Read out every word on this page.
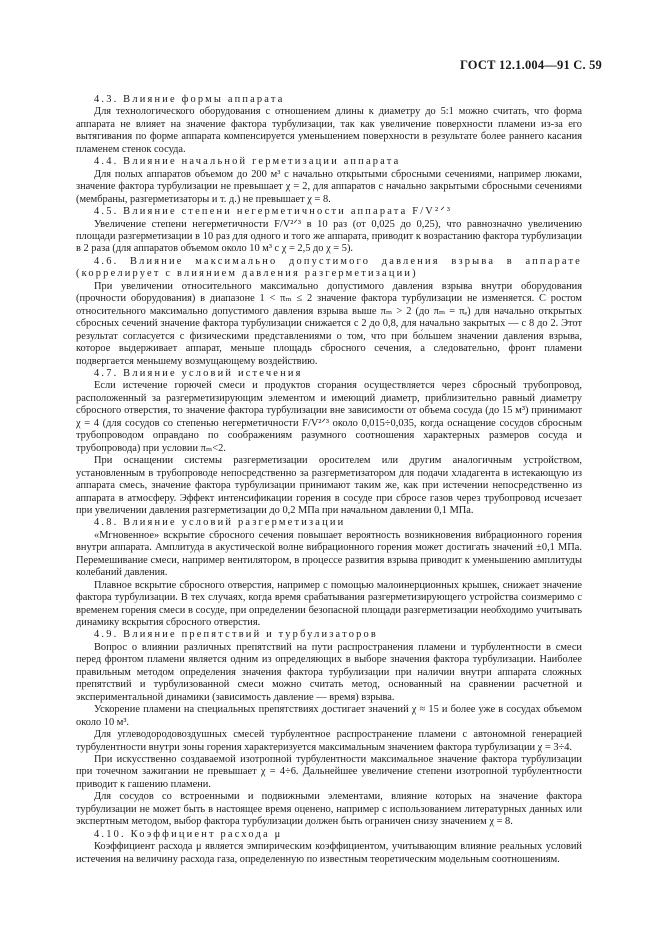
ГОСТ 12.1.004—91 С. 59

4.3. Влияние формы аппарата

Для технологического оборудования с отношением длины к диаметру до 5:1 можно считать, что форма аппарата не влияет на значение фактора турбулизации, так как увеличение поверхности пламени из-за его вытягивания по форме аппарата компенсируется уменьшением поверхности в результате более раннего касания пламенем стенок сосуда.

4.4. Влияние начальной герметизации аппарата

Для полых аппаратов объемом до 200 м³ с начально открытыми сбросными сечениями, например люками, значение фактора турбулизации не превышает χ = 2, для аппаратов с начально закрытыми сбросными сечениями (мембраны, разгерметизаторы и т. д.) не превышает χ = 8.

4.5. Влияние степени негерметичности аппарата F/V²ᐟ³

Увеличение степени негерметичности F/V²ᐟ³ в 10 раз (от 0,025 до 0,25), что равнозначно увеличению площади разгерметизации в 10 раз для одного и того же аппарата, приводит к возрастанию фактора турбулизации в 2 раза (для аппаратов объемом около 10 м³ с χ = 2,5 до χ = 5).

4.6. Влияние максимально допустимого давления взрыва в аппарате (коррелирует с влиянием давления разгерметизации)

При увеличении относительного максимально допустимого давления взрыва внутри оборудования (прочности оборудования) в диапазоне 1 < πₘ ≤ 2 значение фактора турбулизации не изменяется. С ростом относительного максимально допустимого давления взрыва выше πₘ > 2 (до πₘ = πₑ) для начально открытых сбросных сечений значение фактора турбулизации снижается с 2 до 0,8, для начально закрытых — с 8 до 2. Этот результат согласуется с физическими представлениями о том, что при бо́льшем значении давления взрыва, которое выдерживает аппарат, меньше площадь сбросного сечения, а следовательно, фронт пламени подвергается меньшему возмущающему воздействию.

4.7. Влияние условий истечения

Если истечение горючей смеси и продуктов сгорания осуществляется через сбросный трубопровод, расположенный за разгерметизирующим элементом и имеющий диаметр, приблизительно равный диаметру сбросного отверстия, то значение фактора турбулизации вне зависимости от объема сосуда (до 15 м³) принимают χ = 4 (для сосудов со степенью негерметичности F/V²ᐟ³ около 0,015÷0,035, когда оснащение сосудов сбросным трубопроводом оправдано по соображениям разумного соотношения характерных размеров сосуда и трубопровода) при условии πₘ<2.

При оснащении системы разгерметизации оросителем или другим аналогичным устройством, установленным в трубопроводе непосредственно за разгерметизатором для подачи хладагента в истекающую из аппарата смесь, значение фактора турбулизации принимают таким же, как при истечении непосредственно из аппарата в атмосферу. Эффект интенсификации горения в сосуде при сбросе газов через трубопровод исчезает при увеличении давления разгерметизации до 0,2 МПа при начальном давлении 0,1 МПа.

4.8. Влияние условий разгерметизации

«Мгновенное» вскрытие сбросного сечения повышает вероятность возникновения вибрационного горения внутри аппарата. Амплитуда в акустической волне вибрационного горения может достигать значений ±0,1 МПа. Перемешивание смеси, например вентилятором, в процессе развития взрыва приводит к уменьшению амплитуды колебаний давления.

Плавное вскрытие сбросного отверстия, например с помощью малоинерционных крышек, снижает значение фактора турбулизации. В тех случаях, когда время срабатывания разгерметизирующего устройства соизмеримо с временем горения смеси в сосуде, при определении безопасной площади разгерметизации необходимо учитывать динамику вскрытия сбросного отверстия.

4.9. Влияние препятствий и турбулизаторов

Вопрос о влиянии различных препятствий на пути распространения пламени и турбулентности в смеси перед фронтом пламени является одним из определяющих в выборе значения фактора турбулизации. Наиболее правильным методом определения значения фактора турбулизации при наличии внутри аппарата сложных препятствий и турбулизованной смеси можно считать метод, основанный на сравнении расчетной и экспериментальной динамики (зависимость давление — время) взрыва.

Ускорение пламени на специальных препятствиях достигает значений χ ≈ 15 и более уже в сосудах объемом около 10 м³.

Для углеводородовоздушных смесей турбулентное распространение пламени с автономной генерацией турбулентности внутри зоны горения характеризуется максимальным значением фактора турбулизации χ = 3÷4.

При искусственно создаваемой изотропной турбулентности максимальное значение фактора турбулизации при точечном зажигании не превышает χ = 4÷6. Дальнейшее увеличение степени изотропной турбулентности приводит к гашению пламени.

Для сосудов со встроенными и подвижными элементами, влияние которых на значение фактора турбулизации не может быть в настоящее время оценено, например с использованием литературных данных или экспертным методом, выбор фактора турбулизации должен быть ограничен снизу значением χ = 8.

4.10. Коэффициент расхода μ

Коэффициент расхода μ является эмпирическим коэффициентом, учитывающим влияние реальных условий истечения на величину расхода газа, определенную по известным теоретическим модельным соотношениям.
